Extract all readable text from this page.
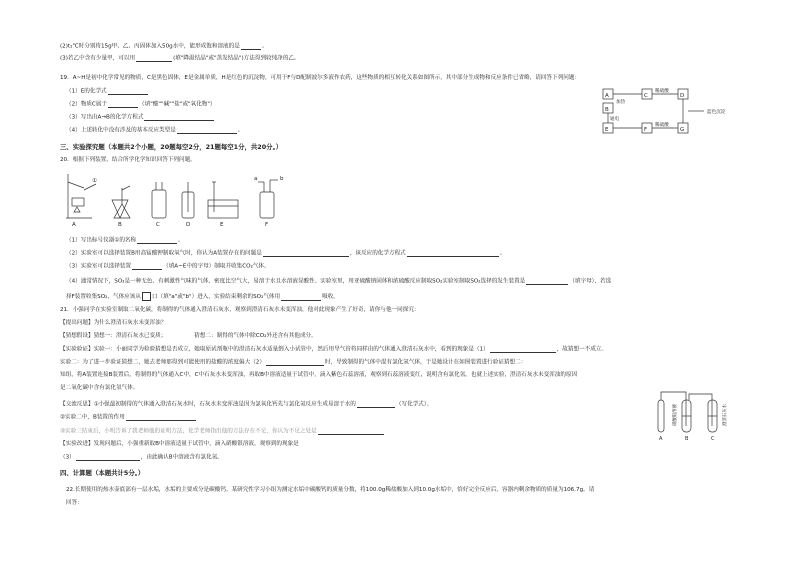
(2)t₂℃时分别将15g甲、乙、丙固体加入50g水中，能形成饱和溶液的是	。
(3)若乙中含有少量甲，可以用	(填"降温结晶"或"蒸发结晶")方法得到较纯净的乙。
19．A~H是初中化学常见的物质，C是黑色固体，E是金属单质，H是红色的沉淀物，可用于F与D配制波尔多液作农药，这些物质的相互转化关系如图所示，其中部分生成物和反应条件已省略，请回答下列问题：
（1）E的化学式
（2）物质C属于	（填"酸""碱""盐"或"氧化物"）
（3）写出由A→B的化学方程式
（4）上述转化中没有涉及的基本反应类型是	。
A
B
C	D
E	F	G
加热
稀硫酸
通电
稀硫酸
蓝色沉淀
三、实验探究题（本题共2个小题，20题每空2分，21题每空1分，共20分。）
20．根据下列装置，结合所学化学知识回答下列问题。
A	B	C	D	E	F
①	a	b
（1）写出标号仪器①的名称	。
（2）实验室可以选择装置B用高锰酸钾制取氧气时，你认为A装置存在的问题是	，该反应的化学方程式	。
（3）实验室可以选择装置	（填A~E中的字母）制取并收集CO₂气体。
（4）通常情况下，SO₂是一种无色、有刺激性气味的气体，密度比空气大，易溶于水且水溶液显酸性。实验室里，用亚硫酸钠固体和浓硫酸反应制取SO₂实验室制取SO₂选择的发生装置是	（填字母），若选
择F装置收集SO₂，气体应该从 口（填"a"或"b"）进入，实验结束剩余的SO₂气体用	吸收。
21．小强同学在实验室制取二氧化碳，将制得的气体通入澄清石灰水，观察到澄清石灰水未变浑浊，他对此现象产生了好奇，请你与他一同探究：
【提出问题】为什么澄清石灰水未变浑浊？
【猜想假设】猜想一：澄清石灰水已变质；	猜想二：制得的气体中除CO₂外还含有其他成分。
【实验验证】实验一：小丽同学为检验猜想是否成立，她取原试剂瓶中的澄清石灰水适量倒入小试管中，然后用导气管将同样由的气体通入澄清石灰水中，看到的现象是（1）	，故猜想一不成立。
实验二：为了进一步验证猜想二，她去老师那得到可能使用的盐酸的浓度偏大（2）	时，导致制得的气体中混有氯化氢气体，于是她设计在如图装置进行验证猜想二：
知组，将A装置连接B装置后，将制得的气体通入C中，C中石灰水未变浑浊，再取B中溶液适量于试管中，滴入紫色石蕊溶液，观察到石蕊溶液变红，说明含有氯化氢。也就上述实验，澄清石灰水未变浑浊的原因
是二氧化碳中含有氯化氢气体。
【交流反思】①小强最初制得的气体通入澄清石灰水时，石灰水未变浑浊是因为氯氧化钙先与氯化氢反应生成易溶于水的	（写化学式）。
②实验二中，B装置的作用
③实验三结束后，小明告诉了我老师他的证明方法，化学老师指出他的方法存在不足，你认为不足之处是
【实验改进】发现问题后，小强重新取B中溶液适量于试管中，滴入硝酸银溶液，观察到的现象是
（3）	，由此确认B中溶液含有氯化氢。
硝酸银溶液	澄清石灰水
A	B	C
四、计算题（本题共计5分。）
22.长期使用的热水壶底部有一层水垢，水垢的主要成分是碳酸钙。某研究性学习小组为测定水垢中碳酸钙的质量分数，将100.0g稀盐酸加入到10.0g水垢中，恰好完全反应后，容器内剩余物质的质量为106.7g。请
回答：
